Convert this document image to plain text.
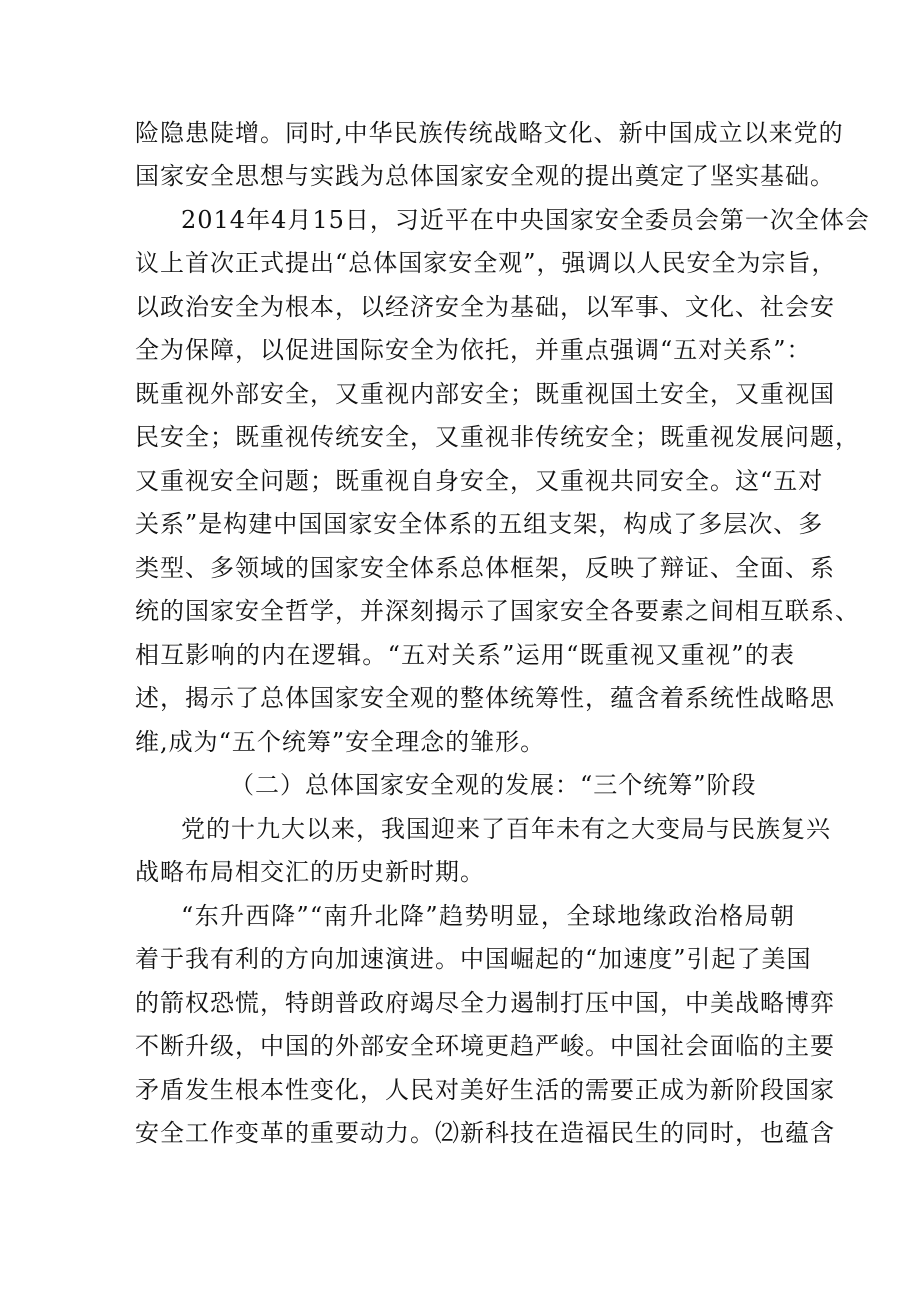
险隐患陡增。同时,中华民族传统战略文化、新中国成立以来党的
国家安全思想与实践为总体国家安全观的提出奠定了坚实基础。
2014年4月15日，习近平在中央国家安全委员会第一次全体会
议上首次正式提出“总体国家安全观”，强调以人民安全为宗旨，
以政治安全为根本，以经济安全为基础，以军事、文化、社会安
全为保障，以促进国际安全为依托，并重点强调“五对关系”：
既重视外部安全，又重视内部安全；既重视国土安全，又重视国
民安全；既重视传统安全，又重视非传统安全；既重视发展问题，
又重视安全问题；既重视自身安全，又重视共同安全。这“五对
关系”是构建中国国家安全体系的五组支架，构成了多层次、多
类型、多领域的国家安全体系总体框架，反映了辩证、全面、系
统的国家安全哲学，并深刻揭示了国家安全各要素之间相互联系、
相互影响的内在逻辑。“五对关系”运用“既重视又重视”的表
述，揭示了总体国家安全观的整体统筹性，蕴含着系统性战略思
维,成为“五个统筹”安全理念的雏形。
（二）总体国家安全观的发展：“三个统筹”阶段
党的十九大以来，我国迎来了百年未有之大变局与民族复兴
战略布局相交汇的历史新时期。
“东升西降”“南升北降”趋势明显，全球地缘政治格局朝
着于我有利的方向加速演进。中国崛起的“加速度”引起了美国
的箭权恐慌，特朗普政府竭尽全力遏制打压中国，中美战略博弈
不断升级，中国的外部安全环境更趋严峻。中国社会面临的主要
矛盾发生根本性变化，人民对美好生活的需要正成为新阶段国家
安全工作变革的重要动力。⑵新科技在造福民生的同时，也蕴含
